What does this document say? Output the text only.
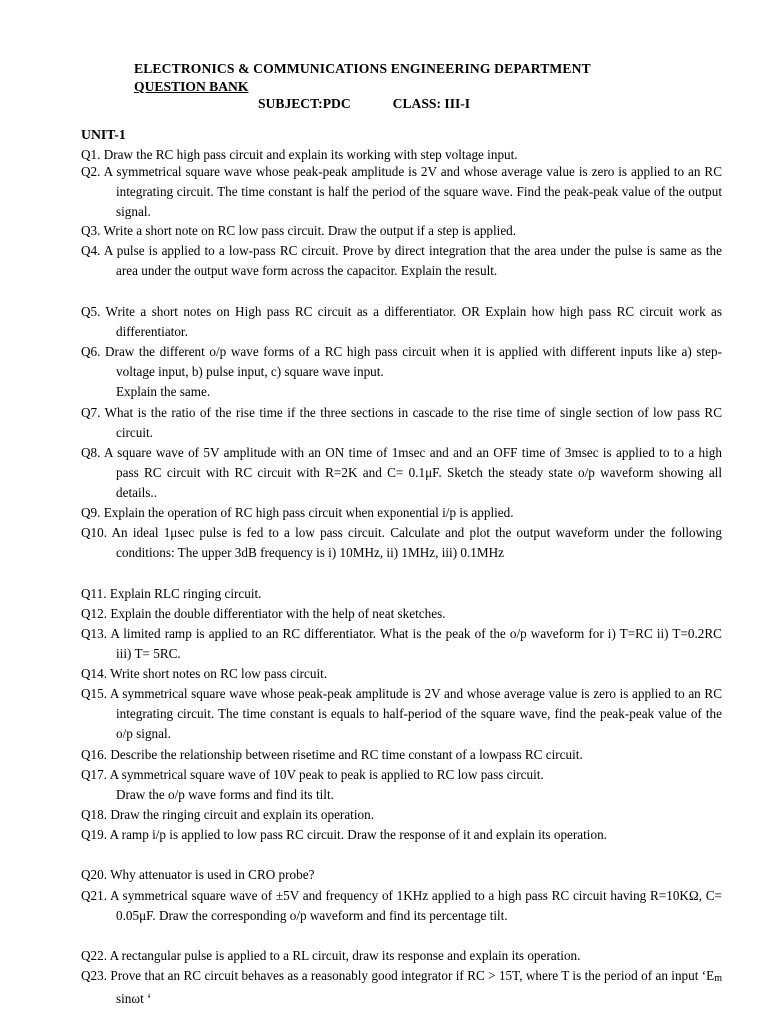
ELECTRONICS & COMMUNICATIONS ENGINEERING DEPARTMENT
QUESTION BANK
SUBJECT:PDC	CLASS: III-I
UNIT-1
Q1. Draw the RC high pass circuit and explain its working with step voltage input.
Q2. A symmetrical square wave whose peak-peak amplitude is 2V and whose average value is zero is applied to an RC integrating circuit. The time constant is half the period of the square wave. Find the peak-peak value of the output signal.
Q3. Write a short note on RC low pass circuit. Draw the output if a step is applied.
Q4. A pulse is applied to a low-pass RC circuit. Prove by direct integration that the area under the pulse is same as the area under the output wave form across the capacitor. Explain the result.
Q5. Write a short notes on High pass RC circuit as a differentiator. OR Explain how high pass RC circuit work as differentiator.
Q6. Draw the different o/p wave forms of a RC high pass circuit when it is applied with different inputs like a) step-voltage input, b) pulse input, c) square wave input.
Explain the same.
Q7. What is the ratio of the rise time if the three sections in cascade to the rise time of single section of low pass RC circuit.
Q8. A square wave of 5V amplitude with an ON time of 1msec and and an OFF time of 3msec is applied to to a high pass RC circuit with RC circuit with R=2K and C= 0.1μF. Sketch the steady state o/p waveform showing all details..
Q9. Explain the operation of RC high pass circuit when exponential i/p is applied.
Q10. An ideal 1μsec pulse is fed to a low pass circuit. Calculate and plot the output waveform under the following conditions: The upper 3dB frequency is i) 10MHz, ii) 1MHz, iii) 0.1MHz
Q11. Explain RLC ringing circuit.
Q12. Explain the double differentiator with the help of neat sketches.
Q13. A limited ramp is applied to an RC differentiator. What is the peak of the o/p waveform for i) T=RC ii) T=0.2RC iii) T= 5RC.
Q14. Write short notes on RC low pass circuit.
Q15. A symmetrical square wave whose peak-peak amplitude is 2V and whose average value is zero is applied to an RC integrating circuit. The time constant is equals to half-period of the square wave, find the peak-peak value of the o/p signal.
Q16. Describe the relationship between risetime and RC time constant of a lowpass RC circuit.
Q17. A symmetrical square wave of 10V peak to peak is applied to RC low pass circuit.
Draw the o/p wave forms and find its tilt.
Q18. Draw the ringing circuit and explain its operation.
Q19. A ramp i/p is applied to low pass RC circuit. Draw the response of it and explain its operation.
Q20. Why attenuator is used in CRO probe?
Q21. A symmetrical square wave of ±5V and frequency of 1KHz applied to a high pass RC circuit having R=10KΩ, C= 0.05μF. Draw the corresponding o/p waveform and find its percentage tilt.
Q22. A rectangular pulse is applied to a RL circuit, draw its response and explain its operation.
Q23. Prove that an RC circuit behaves as a reasonably good integrator if RC > 15T, where T is the period of an input ‘Em sinωt ‘
